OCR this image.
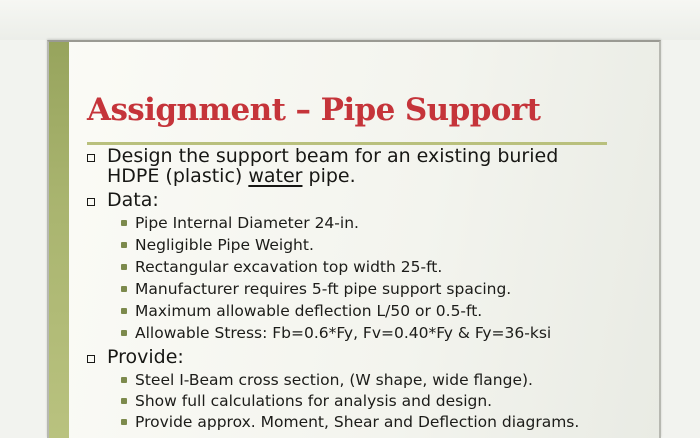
Assignment – Pipe Support
Design the support beam for an existing buried
HDPE (plastic) water pipe.
Data:
Pipe Internal Diameter 24-in.
Negligible Pipe Weight.
Rectangular excavation top width 25-ft.
Manufacturer requires 5-ft pipe support spacing.
Maximum allowable deflection L/50 or 0.5-ft.
Allowable Stress: Fb=0.6*Fy, Fv=0.40*Fy & Fy=36-ksi
Provide:
Steel I-Beam cross section, (W shape, wide flange).
Show full calculations for analysis and design.
Provide approx. Moment, Shear and Deflection diagrams.
